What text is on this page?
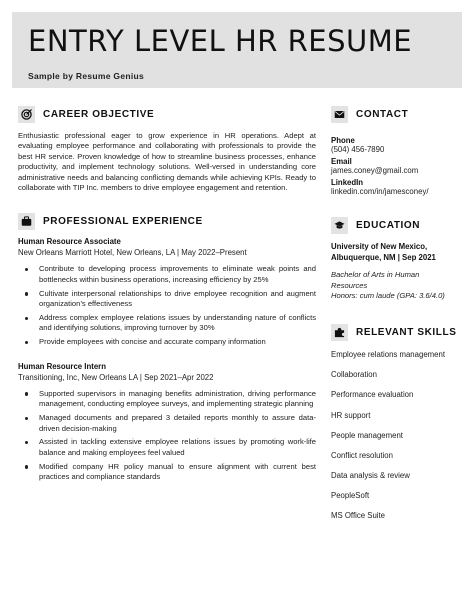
ENTRY LEVEL HR RESUME
Sample by Resume Genius
CAREER OBJECTIVE

Enthusiastic professional eager to grow experience in HR operations. Adept at evaluating employee performance and collaborating with professionals to provide the best HR service. Proven knowledge of how to streamline business processes, enhance productivity, and implement technology solutions. Well-versed in understanding core administrative needs and balancing conflicting demands while achieving KPIs. Ready to collaborate with TIP Inc. members to drive employee engagement and retention.

PROFESSIONAL EXPERIENCE
Human Resource Associate
New Orleans Marriott Hotel, New Orleans, LA | May 2022–Present
Contribute to developing process improvements to eliminate weak points and bottlenecks within business operations, increasing efficiency by 25%
Cultivate interpersonal relationships to drive employee recognition and augment organization’s effectiveness
Address complex employee relations issues by understanding nature of conflicts and identifying solutions, improving turnover by 30%
Provide employees with concise and accurate company information
Human Resource Intern
Transitioning, Inc, New Orleans LA | Sep 2021–Apr 2022
Supported supervisors in managing benefits administration, driving performance management, conducting employee surveys, and implementing strategic planning
Managed documents and prepared 3 detailed reports monthly to assure data-driven decision-making
Assisted in tackling extensive employee relations issues by promoting work-life balance and making employees feel valued
Modified company HR policy manual to ensure alignment with current best practices and compliance standards
CONTACT
Phone
(504) 456-7890
Email
james.coney@gmail.com
LinkedIn
linkedin.com/in/jamesconey/
EDUCATION
University of New Mexico,
Albuquerque, NM | Sep 2021
Bachelor of Arts in Human
Resources
Honors: cum laude (GPA: 3.6/4.0)
RELEVANT SKILLS
Employee relations management
Collaboration
Performance evaluation
HR support
People management
Conflict resolution
Data analysis & review
PeopleSoft
MS Office Suite
